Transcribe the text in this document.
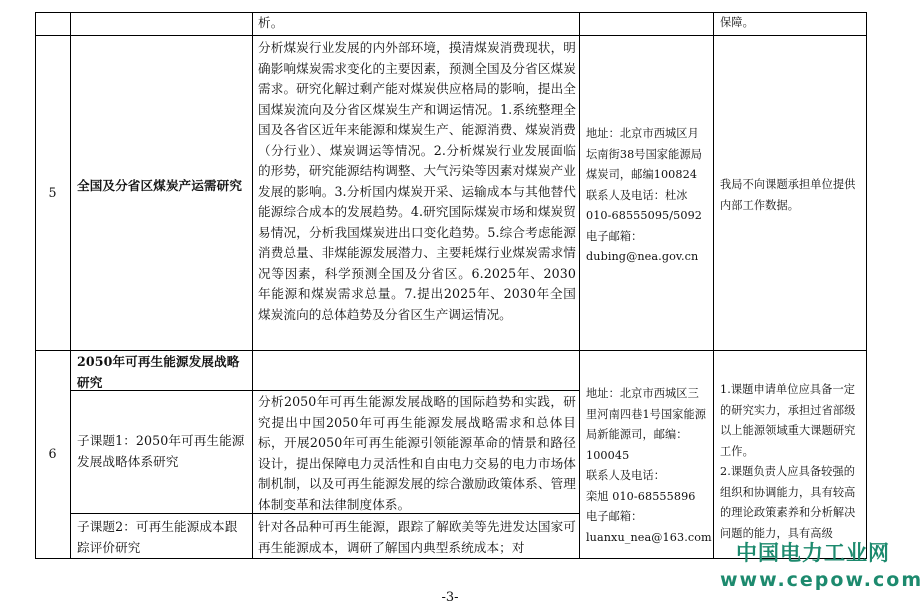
析。	保障。
5	全国及分省区煤炭产运需研究
分析煤炭行业发展的内外部环境，摸清煤炭消费现状，明确影响煤炭需求变化的主要因素，预测全国及分省区煤炭需求。研究化解过剩产能对煤炭供应格局的影响，提出全国煤炭流向及分省区煤炭生产和调运情况。1.系统整理全国及各省区近年来能源和煤炭生产、能源消费、煤炭消费（分行业）、煤炭调运等情况。2.分析煤炭行业发展面临的形势，研究能源结构调整、大气污染等因素对煤炭产业发展的影响。3.分析国内煤炭开采、运输成本与其他替代能源综合成本的发展趋势。4.研究国际煤炭市场和煤炭贸易情况，分析我国煤炭进出口变化趋势。5.综合考虑能源消费总量、非煤能源发展潜力、主要耗煤行业煤炭需求情况等因素，科学预测全国及分省区。6.2025年、2030年能源和煤炭需求总量。7.提出2025年、2030年全国煤炭流向的总体趋势及分省区生产调运情况。
地址：北京市西城区月坛南街38号国家能源局煤炭司，邮编100824
联系人及电话：杜冰
010-68555095/5092
电子邮箱：
dubing@nea.gov.cn
我局不向课题承担单位提供内部工作数据。
6
2050年可再生能源发展战略研究
子课题1：2050年可再生能源发展战略体系研究
分析2050年可再生能源发展战略的国际趋势和实践，研究提出中国2050年可再生能源发展战略需求和总体目标，开展2050年可再生能源引领能源革命的情景和路径设计，提出保障电力灵活性和自由电力交易的电力市场体制机制，以及可再生能源发展的综合激励政策体系、管理体制变革和法律制度体系。
子课题2：可再生能源成本跟踪评价研究
针对各品种可再生能源，跟踪了解欧美等先进发达国家可再生能源成本，调研了解国内典型系统成本；对
地址：北京市西城区三里河南四巷1号国家能源局新能源司，邮编：100045
联系人及电话：
栾旭 010-68555896
电子邮箱：
luanxu_nea@163.com
1.课题申请单位应具备一定的研究实力，承担过省部级以上能源领域重大课题研究工作。
2.课题负责人应具备较强的组织和协调能力，具有较高的理论政策素养和分析解决问题的能力，具有高级
中国电力工业网
www.cepow.com
-3-
